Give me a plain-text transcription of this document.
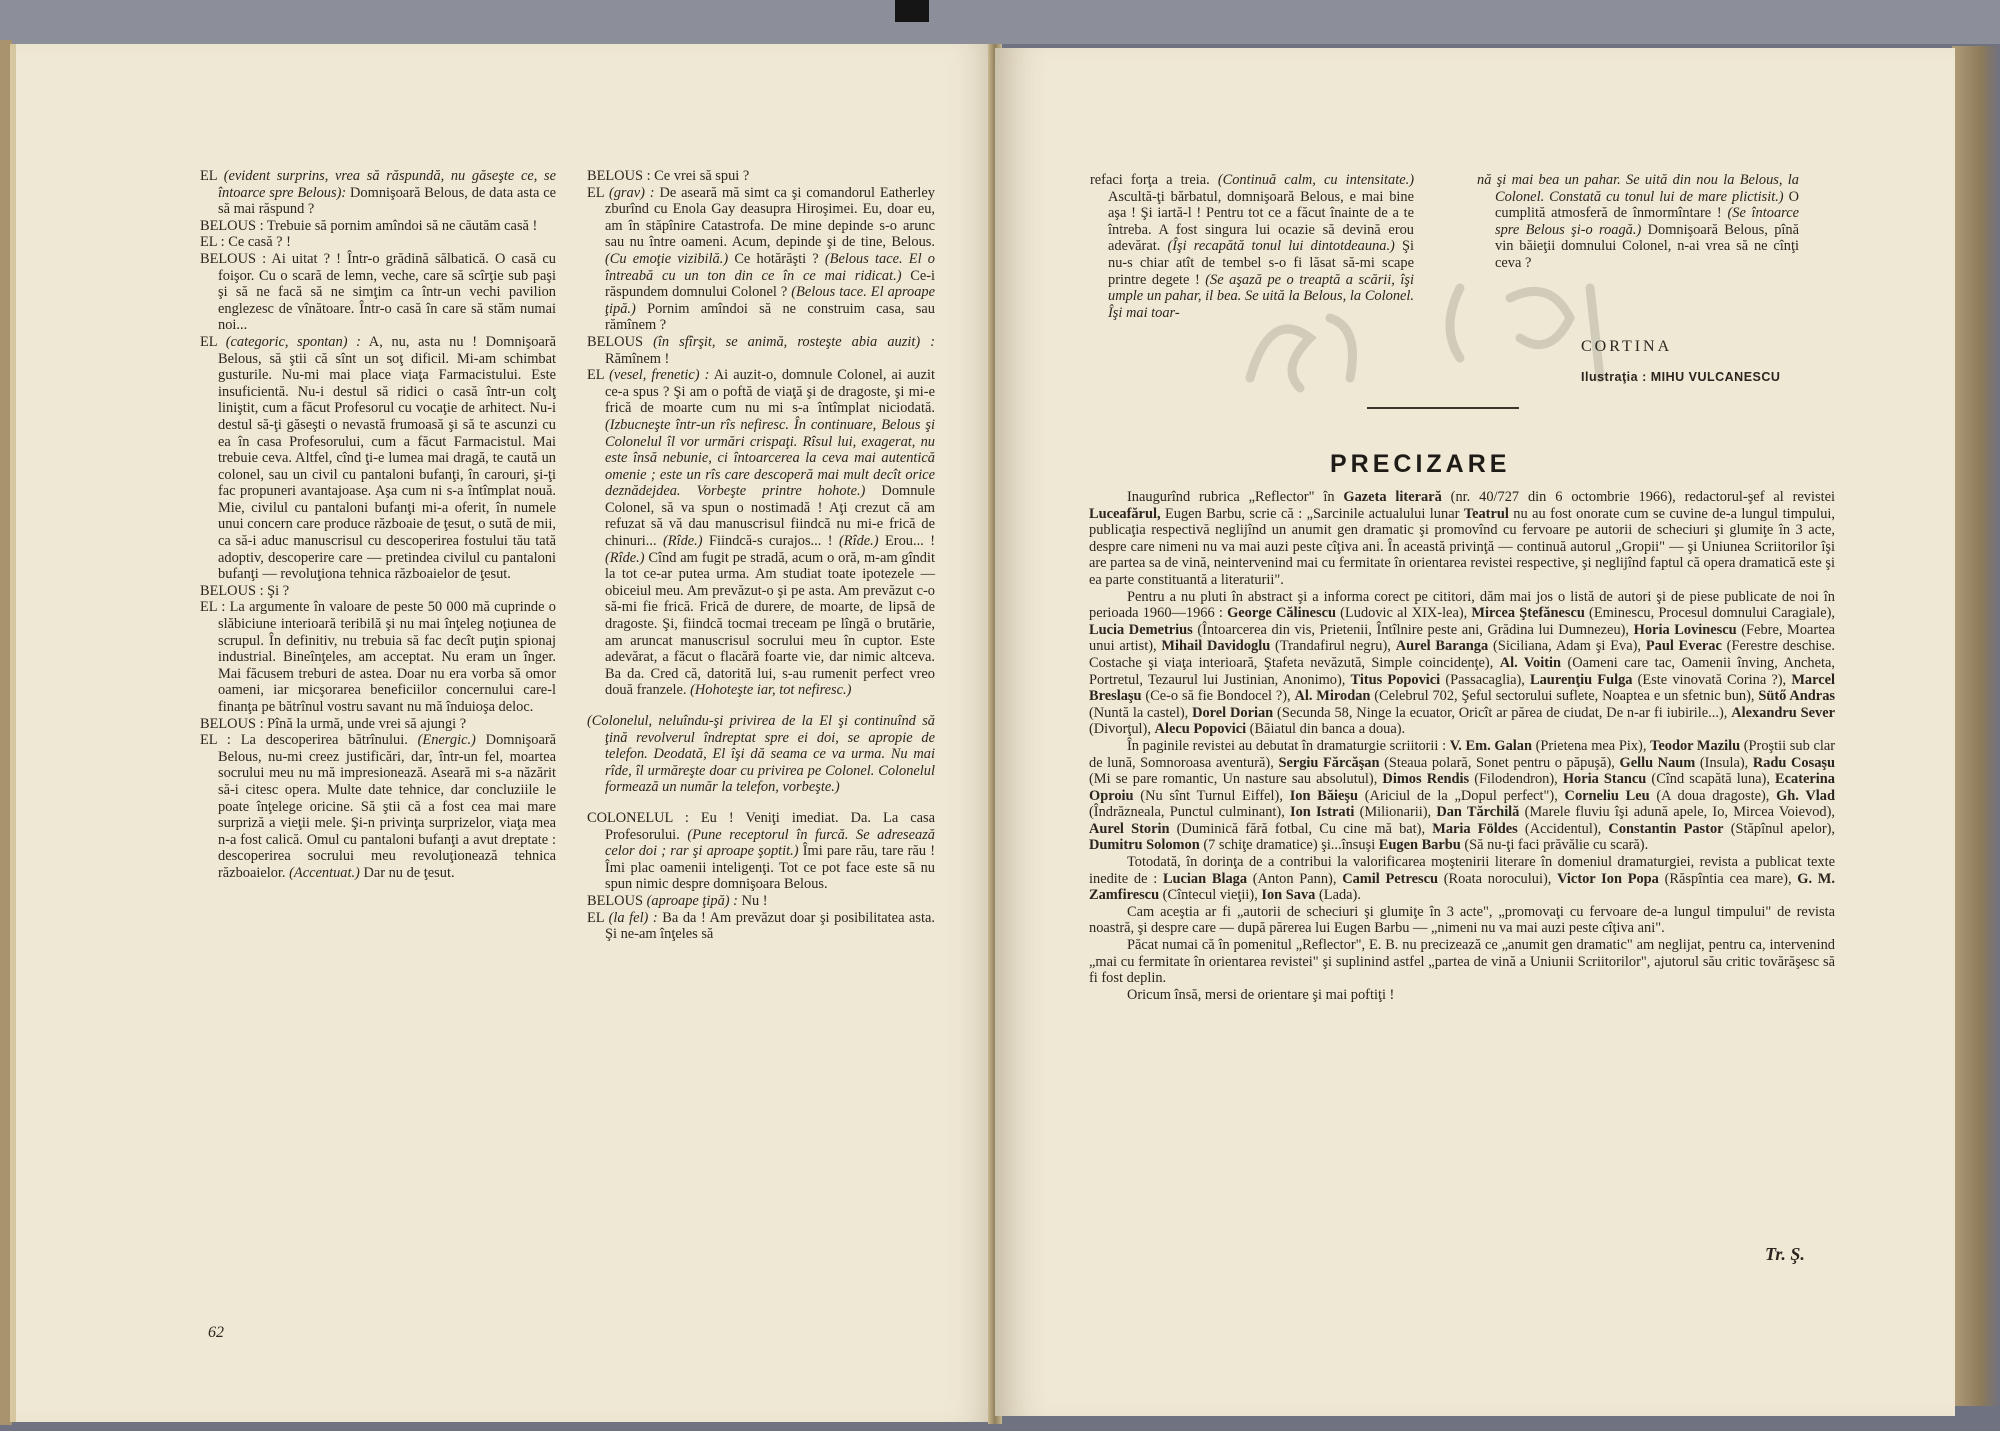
EL (evident surprins, vrea să răspundă, nu găseşte ce, se întoarce spre Belous): Domnişoară Belous, de data asta ce să mai răspund ?

BELOUS : Trebuie să pornim amîndoi să ne căutăm casă !

EL : Ce casă ? !

BELOUS : Ai uitat ? ! Într-o grădină sălbatică. O casă cu foişor. Cu o scară de lemn, veche, care să scîrţie sub paşi şi să ne facă să ne simţim ca într-un vechi pavilion englezesc de vînătoare. Într-o casă în care să stăm numai noi...

EL (categoric, spontan) : A, nu, asta nu ! Domnişoară Belous, să ştii că sînt un soţ dificil. Mi-am schimbat gusturile. Nu-mi mai place viaţa Farmacistului. Este insuficientă. Nu-i destul să ridici o casă într-un colţ liniştit, cum a făcut Profesorul cu vocaţie de arhitect. Nu-i destul să-ţi găseşti o nevastă frumoasă şi să te ascunzi cu ea în casa Profesorului, cum a făcut Farmacistul. Mai trebuie ceva. Altfel, cînd ţi-e lumea mai dragă, te caută un colonel, sau un civil cu pantaloni bufanţi, în carouri, şi-ţi fac propuneri avantajoase. Aşa cum ni s-a întîmplat nouă. Mie, civilul cu pantaloni bufanţi mi-a oferit, în numele unui concern care produce războaie de ţesut, o sută de mii, ca să-i aduc manuscrisul cu descoperirea fostului tău tată adoptiv, descoperire care — pretindea civilul cu pantaloni bufanţi — revoluţiona tehnica războaielor de ţesut.

BELOUS : Şi ?

EL : La argumente în valoare de peste 50 000 mă cuprinde o slăbiciune interioară teribilă şi nu mai înţeleg noţiunea de scrupul. În definitiv, nu trebuia să fac decît puţin spionaj industrial. Bineînţeles, am acceptat. Nu eram un înger. Mai făcusem treburi de astea. Doar nu era vorba să omor oameni, iar micşorarea beneficiilor concernului care-l finanţa pe bătrînul vostru savant nu mă înduioşa deloc.

BELOUS : Pînă la urmă, unde vrei să ajungi ?

EL : La descoperirea bătrînului. (Energic.) Domnişoară Belous, nu-mi creez justificări, dar, într-un fel, moartea socrului meu nu mă impresionează. Aseară mi s-a năzărit să-i citesc opera. Multe date tehnice, dar concluziile le poate înţelege oricine. Să ştii că a fost cea mai mare surpriză a vieţii mele. Şi-n privinţa surprizelor, viaţa mea n-a fost calică. Omul cu pantaloni bufanţi a avut dreptate : descoperirea socrului meu revoluţionează tehnica războaielor. (Accentuat.) Dar nu de ţesut.

BELOUS : Ce vrei să spui ?

EL (grav) : De aseară mă simt ca şi comandorul Eatherley zburînd cu Enola Gay deasupra Hiroşimei. Eu, doar eu, am în stăpînire Catastrofa. De mine depinde s-o arunc sau nu între oameni. Acum, depinde şi de tine, Belous. (Cu emoţie vizibilă.) Ce hotărăşti ? (Belous tace. El o întreabă cu un ton din ce în ce mai ridicat.) Ce-i răspundem domnului Colonel ? (Belous tace. El aproape ţipă.) Pornim amîndoi să ne construim casa, sau rămînem ?

BELOUS (în sfîrşit, se animă, rosteşte abia auzit) : Rămînem !

EL (vesel, frenetic) : Ai auzit-o, domnule Colonel, ai auzit ce-a spus ? Şi am o poftă de viaţă şi de dragoste, şi mi-e frică de moarte cum nu mi s-a întîmplat niciodată. (Izbucneşte într-un rîs nefiresc. În continuare, Belous şi Colonelul îl vor urmări crispaţi. Rîsul lui, exagerat, nu este însă nebunie, ci întoarcerea la ceva mai autentică omenie ; este un rîs care descoperă mai mult decît orice deznădejdea. Vorbeşte printre hohote.) Domnule Colonel, să va spun o nostimadă ! Aţi crezut că am refuzat să vă dau manuscrisul fiindcă nu mi-e frică de chinuri... (Rîde.) Fiindcă-s curajos... ! (Rîde.) Erou... ! (Rîde.) Cînd am fugit pe stradă, acum o oră, m-am gîndit la tot ce-ar putea urma. Am studiat toate ipotezele — obiceiul meu. Am prevăzut-o şi pe asta. Am prevăzut c-o să-mi fie frică. Frică de durere, de moarte, de lipsă de dragoste. Şi, fiindcă tocmai treceam pe lîngă o brutărie, am aruncat manuscrisul socrului meu în cuptor. Este adevărat, a făcut o flacără foarte vie, dar nimic altceva. Ba da. Cred că, datorită lui, s-au rumenit perfect vreo două franzele. (Hohoteşte iar, tot nefiresc.)

(Colonelul, neluîndu-şi privirea de la El şi continuînd să ţină revolverul îndreptat spre ei doi, se apropie de telefon. Deodată, El îşi dă seama ce va urma. Nu mai rîde, îl urmăreşte doar cu privirea pe Colonel. Colonelul formează un număr la telefon, vorbeşte.)

COLONELUL : Eu ! Veniţi imediat. Da. La casa Profesorului. (Pune receptorul în furcă. Se adresează celor doi ; rar şi aproape şoptit.) Îmi pare rău, tare rău ! Îmi plac oamenii inteligenţi. Tot ce pot face este să nu spun nimic despre domnişoara Belous.

BELOUS (aproape ţipă) : Nu !

EL (la fel) : Ba da ! Am prevăzut doar şi posibilitatea asta. Şi ne-am înţeles să

62

refaci forţa a treia. (Continuă calm, cu intensitate.) Ascultă-ţi bărbatul, domnişoară Belous, e mai bine aşa ! Şi iartă-l ! Pentru tot ce a făcut înainte de a te întreba. A fost singura lui ocazie să devină erou adevărat. (Îşi recapătă tonul lui dintotdeauna.) Şi nu-s chiar atît de tembel s-o fi lăsat să-mi scape printre degete ! (Se aşază pe o treaptă a scării, îşi umple un pahar, il bea. Se uită la Belous, la Colonel. Îşi mai toar-

nă şi mai bea un pahar. Se uită din nou la Belous, la Colonel. Constată cu tonul lui de mare plictisit.) O cumplită atmosferă de înmormîntare ! (Se întoarce spre Belous şi-o roagă.) Domnişoară Belous, pînă vin băieţii domnului Colonel, n-ai vrea să ne cînţi ceva ?

CORTINA
Ilustraţia : MIHU VULCANESCU
PRECIZARE

Inaugurînd rubrica „Reflector" în Gazeta literară (nr. 40/727 din 6 octombrie 1966), redactorul-şef al revistei Luceafărul, Eugen Barbu, scrie că : „Sarcinile actualului lunar Teatrul nu au fost onorate cum se cuvine de-a lungul timpului, publicaţia respectivă neglijînd un anumit gen dramatic şi promovînd cu fervoare pe autorii de scheciuri şi glumiţe în 3 acte, despre care nimeni nu va mai auzi peste cîţiva ani. În această privinţă — continuă autorul „Gropii" — şi Uniunea Scriitorilor îşi are partea sa de vină, neintervenind mai cu fermitate în orientarea revistei respective, şi neglijînd faptul că opera dramatică este şi ea parte constituantă a literaturii".

Pentru a nu pluti în abstract şi a informa corect pe cititori, dăm mai jos o listă de autori şi de piese publicate de noi în perioada 1960—1966 : George Călinescu (Ludovic al XIX-lea), Mircea Ştefănescu (Eminescu, Procesul domnului Caragiale), Lucia Demetrius (Întoarcerea din vis, Prietenii, Întîlnire peste ani, Grădina lui Dumnezeu), Horia Lovinescu (Febre, Moartea unui artist), Mihail Davidoglu (Trandafirul negru), Aurel Baranga (Siciliana, Adam şi Eva), Paul Everac (Ferestre deschise. Costache şi viaţa interioară, Ştafeta nevăzută, Simple coincidenţe), Al. Voitin (Oameni care tac, Oamenii înving, Ancheta, Portretul, Tezaurul lui Justinian, Anonimo), Titus Popovici (Passacaglia), Laurenţiu Fulga (Este vinovată Corina ?), Marcel Breslaşu (Ce-o să fie Bondocel ?), Al. Mirodan (Celebrul 702, Şeful sectorului suflete, Noaptea e un sfetnic bun), Sütő Andras (Nuntă la castel), Dorel Dorian (Secunda 58, Ninge la ecuator, Oricît ar părea de ciudat, De n-ar fi iubirile...), Alexandru Sever (Divorţul), Alecu Popovici (Băiatul din banca a doua).

În paginile revistei au debutat în dramaturgie scriitorii : V. Em. Galan (Prietena mea Pix), Teodor Mazilu (Proştii sub clar de lună, Somnoroasa aventură), Sergiu Fărcăşan (Steaua polară, Sonet pentru o păpuşă), Gellu Naum (Insula), Radu Cosaşu (Mi se pare romantic, Un nasture sau absolutul), Dimos Rendis (Filodendron), Horia Stancu (Cînd scapătă luna), Ecaterina Oproiu (Nu sînt Turnul Eiffel), Ion Băieşu (Ariciul de la „Dopul perfect"), Corneliu Leu (A doua dragoste), Gh. Vlad (Îndrăzneala, Punctul culminant), Ion Istrati (Milionarii), Dan Tărchilă (Marele fluviu îşi adună apele, Io, Mircea Voievod), Aurel Storin (Duminică fără fotbal, Cu cine mă bat), Maria Földes (Accidentul), Constantin Pastor (Stăpînul apelor), Dumitru Solomon (7 schiţe dramatice) şi...însuşi Eugen Barbu (Să nu-ţi faci prăvălie cu scară).

Totodată, în dorinţa de a contribui la valorificarea moştenirii literare în domeniul dramaturgiei, revista a publicat texte inedite de : Lucian Blaga (Anton Pann), Camil Petrescu (Roata norocului), Victor Ion Popa (Răspîntia cea mare), G. M. Zamfirescu (Cîntecul vieţii), Ion Sava (Lada).

Cam aceştia ar fi „autorii de scheciuri şi glumiţe în 3 acte", „promovaţi cu fervoare de-a lungul timpului" de revista noastră, şi despre care — după părerea lui Eugen Barbu — „nimeni nu va mai auzi peste cîţiva ani".

Păcat numai că în pomenitul „Reflector", E. B. nu precizează ce „anumit gen dramatic" am neglijat, pentru ca, intervenind „mai cu fermitate în orientarea revistei" şi suplinind astfel „partea de vină a Uniunii Scriitorilor", ajutorul său critic tovărăşesc să fi fost deplin.

Oricum însă, mersi de orientare şi mai poftiţi !

Tr. Ş.
